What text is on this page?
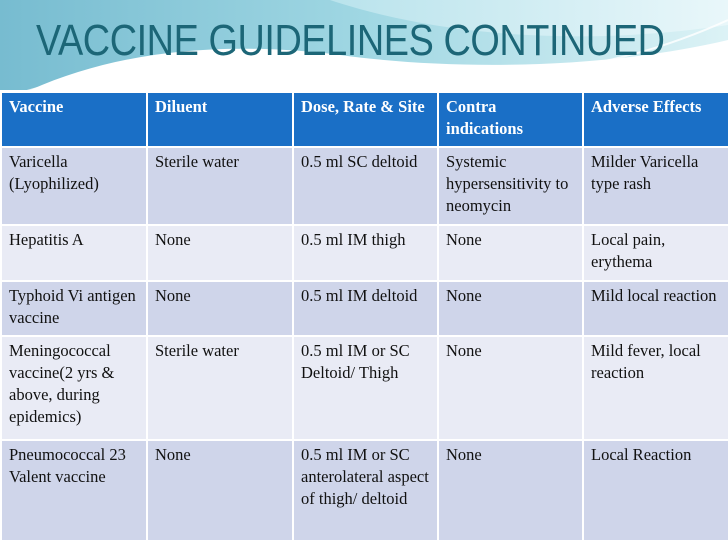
VACCINE GUIDELINES CONTINUED
Vaccine	Diluent	Dose, Rate & Site	Contra indications	Adverse Effects
Varicella (Lyophilized)	Sterile water	0.5 ml SC deltoid	Systemic hypersensitivity to neomycin	Milder Varicella type rash
Hepatitis A	None	0.5 ml IM thigh	None	Local pain, erythema
Typhoid Vi antigen vaccine	None	0.5 ml IM deltoid	None	Mild local reaction
Meningococcal vaccine(2 yrs & above, during epidemics)	Sterile water	0.5 ml IM or SC Deltoid/ Thigh	None	Mild fever, local reaction
Pneumococcal 23 Valent vaccine	None	0.5 ml IM or SC anterolateral aspect of thigh/ deltoid	None	Local Reaction
